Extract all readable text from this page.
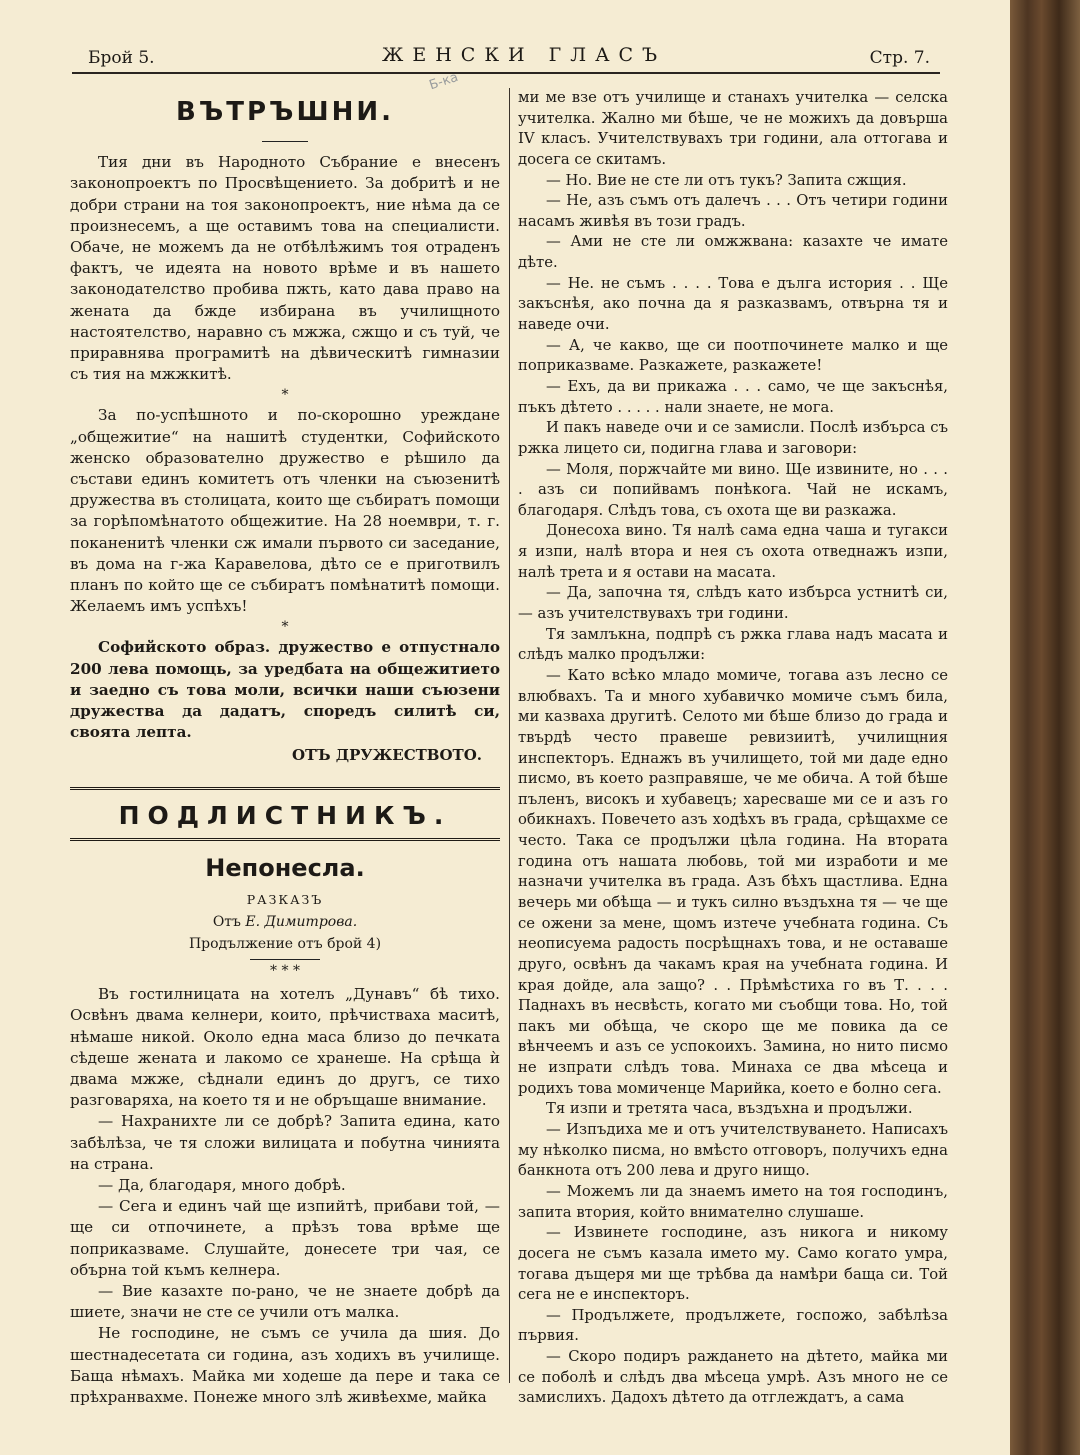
Брой 5.	ЖЕНСКИ ГЛАСЪ	Стр. 7.
Б-ка
ВЪТРЪШНИ.

Тия дни въ Народното Събрание е внесенъ законопроектъ по Просвѣщението. За добритѣ и не добри страни на тоя законопроектъ, ние нѣма да се произнесемъ, а ще оставимъ това на специалисти. Обаче, не можемъ да не отбѣлѣжимъ тоя отраденъ фактъ, че идеята на новото врѣме и въ нашето законодателство пробива пжть, като дава право на жената да бжде избирана въ училищното настоятелство, наравно съ мжжа, сжщо и съ туй, че приравнява програмитѣ на дѣвическитѣ гимназии съ тия на мжжкитѣ.

*

За по-успѣшното и по-скорошно уреждане „общежитие“ на нашитѣ студентки, Софийското женско образователно дружество е рѣшило да състави единъ комитетъ отъ членки на съюзенитѣ дружества въ столицата, които ще събиратъ помощи за горѣпомѣнатото общежитие. На 28 ноември, т. г. поканенитѣ членки сж имали първото си заседание, въ дома на г-жа Каравелова, дѣто се е приготвилъ планъ по който ще се събиратъ помѣнатитѣ помощи. Желаемъ имъ успѣхъ!

*

Софийското образ. дружество е отпустнало 200 лева помощь, за уредбата на общежитието и заедно съ това моли, всички наши съюзени дружества да дадатъ, споредъ силитѣ си, своята лепта.

ОТЪ ДРУЖЕСТВОТО.
ПОДЛИСТНИКЪ.
Непонесла.
РАЗКАЗЪ
Отъ Е. Димитрова.
Продължение отъ брой 4)
* * *

Въ гостилницата на хотелъ „Дунавъ“ бѣ тихо. Освѣнъ двама келнери, които, прѣчистваха маситѣ, нѣмаше никой. Около една маса близо до печката сѣдеше жената и лакомо се хранеше. На срѣща ѝ двама мжже, сѣднали единъ до другъ, се тихо разговаряха, на което тя и не обръщаше внимание.

— Нахранихте ли се добрѣ? Запита единa, като забѣлѣза, че тя сложи вилицата и побутна чинията на страна.

— Да, благодаря, много добрѣ.

— Сега и единъ чай ще изпийтѣ, прибави той, — ще си отпочинете, а прѣзъ това врѣме ще поприказваме. Слушайте, донесете три чая, се обърна той къмъ келнера.

— Вие казахте по-рано, че не знаете добрѣ да шиете, значи не сте се учили отъ малка.

Не господине, не съмъ се учила да шия. До шестнадесетата си година, азъ ходихъ въ училище. Баща нѣмахъ. Майка ми ходеше да пере и така се прѣхранвахме. Понеже много злѣ живѣехме, майка

ми ме взе отъ училище и станахъ учителка — селска учителка. Жално ми бѣше, че не можихъ да довърша IV класъ. Учителствувахъ три години, ала оттогава и досега се скитамъ.

— Но. Вие не сте ли отъ тукъ? Запита сжщия.

— Не, азъ съмъ отъ далечъ . . . Отъ четири години насамъ живѣя въ този градъ.

— Ами не сте ли омжжвана: казахте че имате дѣте.

— Не. не съмъ . . . . Това е дълга история . . Ще закъснѣя, ако почна да я разказвамъ, отвърна тя и наведе очи.

— А, че какво, ще си поотпочинете малко и ще поприказваме. Разкажете, разкажете!

— Ехъ, да ви прикажа . . . само, че ще закъснѣя, пъкъ дѣтето . . . . . нали знаете, не мога.

И пакъ наведе очи и се замисли. Послѣ избърса съ ржка лицето си, подигна глава и заговори:

— Моля, поржчайте ми вино. Ще извините, но . . . . азъ си попийвамъ понѣкога. Чай не искамъ, благодаря. Слѣдъ това, съ охота ще ви разкажа.

Донесоха вино. Тя налѣ сама една чаша и тугакси я изпи, налѣ втора и нея съ охота отведнажъ изпи, налѣ трета и я остави на масата.

— Да, започна тя, слѣдъ като избърса устнитѣ си, — азъ учителствувахъ три години.

Тя замлъкна, подпрѣ съ ржка глава надъ масата и слѣдъ малко продължи:

— Като всѣко младо момиче, тогава азъ лесно се влюбвахъ. Та и много хубавичко момиче съмъ била, ми казваха другитѣ. Селото ми бѣше близо до града и твърдѣ често правеше ревизиитѣ, училищния инспекторъ. Еднажъ въ училището, той ми даде едно писмо, въ което разправяше, че ме обича. А той бѣше пъленъ, високъ и хубавецъ; харесваше ми се и азъ го обикнахъ. Повечето азъ ходѣхъ въ града, срѣщахме се често. Така се продължи цѣла година. На втората година отъ нашата любовь, той ми израбoти и ме назначи учителка въ града. Азъ бѣхъ щастлива. Една вечерь ми обѣща — и тукъ силно въздъхна тя — че ще се ожени за мене, щомъ изтече учебната година. Съ неописуема радость посрѣщнахъ това, и не оставаше друго, освѣнъ да чакамъ края на учебната година. И края дойде, ала защо? . . Прѣмѣстиха го въ Т. . . . Паднахъ въ несвѣсть, когато ми съобщи това. Но, той пакъ ми обѣща, че скоро ще ме повика да се вѣнчеемъ и азъ се успокоихъ. Замина, но нито писмо не изпрати слѣдъ това. Минаха се два мѣсеца и родихъ това момиченце Марийка, което е болно сега.

Тя изпи и третята часа, въздъхна и продължи.

— Изпъдиха ме и отъ учителствуването. Написахъ му нѣколко писма, но вмѣсто отговоръ, получихъ една банкнота отъ 200 лева и друго нищо.

— Можемъ ли да знаемъ името на тоя господинъ, запита втория, който внимателно слушаше.

— Извинете господине, азъ никога и никому досега не съмъ казала името му. Само когато умра, тогава дъщеря ми ще трѣбва да намѣри баща си. Той сега не е инспекторъ.

— Продължете, продължете, госпожо, забѣлѣза първия.

— Скоро подиръ раждането на дѣтето, майка ми се поболѣ и слѣдъ два мѣсеца умрѣ. Азъ много не се замислихъ. Дадохъ дѣтето да отглеждатъ, а сама
